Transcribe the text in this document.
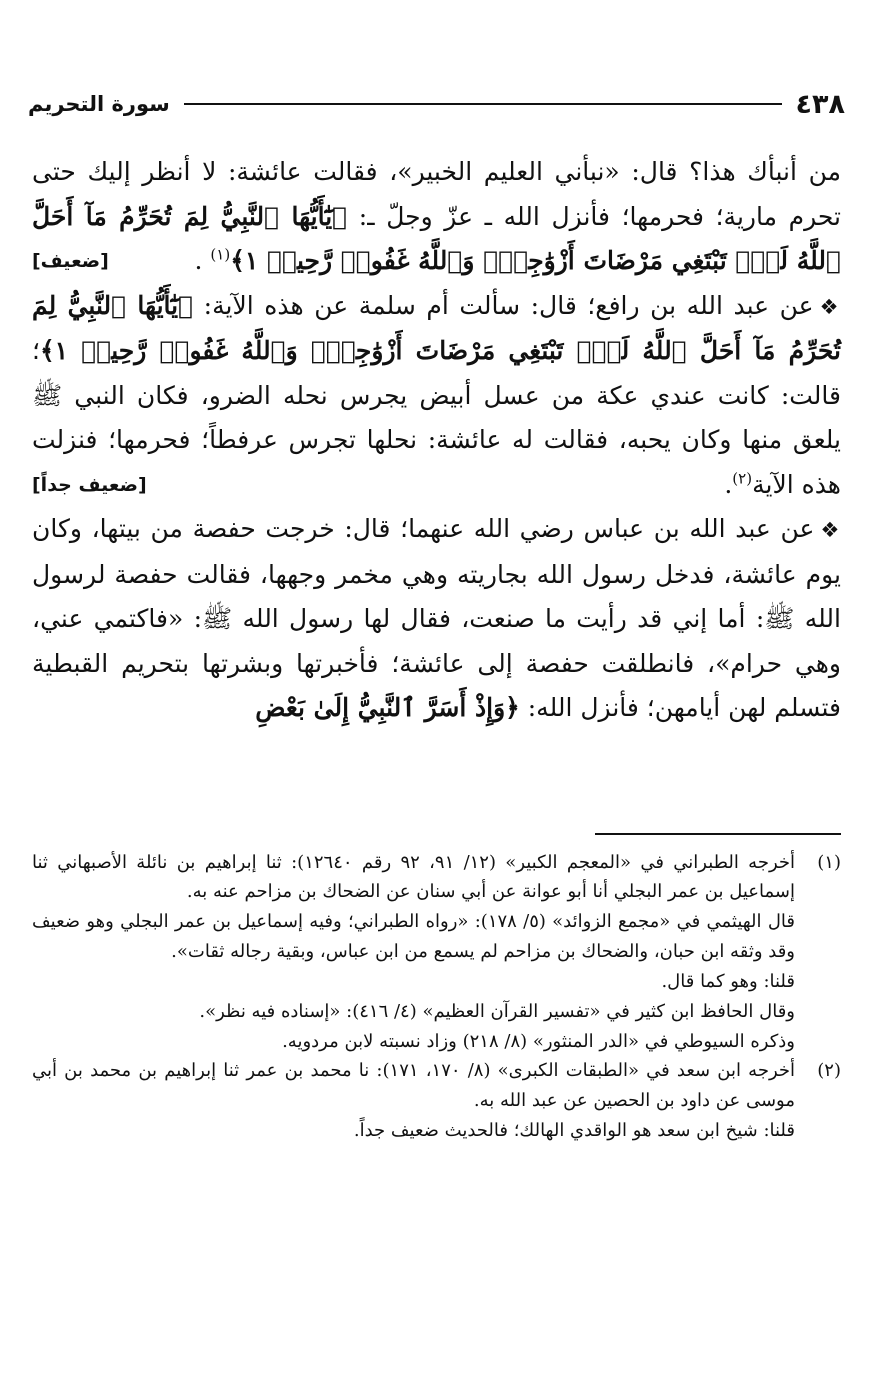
٤٣٨
سورة التحريم

من أنبأك هذا؟ قال: «نبأني العليم الخبير»، فقالت عائشة: لا أنظر إليك حتى تحرم مارية؛ فحرمها؛ فأنزل الله ـ عزّ وجلّ ـ: ﴿يَٰٓأَيُّهَا ٱلنَّبِيُّ لِمَ تُحَرِّمُ مَآ أَحَلَّ ٱللَّهُ لَكَۖ تَبْتَغِي مَرْضَاتَ أَزْوَٰجِكَۚ وَٱللَّهُ غَفُورٞ رَّحِيمٞ ١﴾$^{(١)}$ .
[ضعيف]

❖عن عبد الله بن رافع؛ قال: سألت أم سلمة عن هذه الآية: ﴿يَٰٓأَيُّهَا ٱلنَّبِيُّ لِمَ تُحَرِّمُ مَآ أَحَلَّ ٱللَّهُ لَكَۖ تَبْتَغِي مَرْضَاتَ أَزْوَٰجِكَۚ وَٱللَّهُ غَفُورٞ رَّحِيمٞ ١﴾؛ قالت: كانت عندي عكة من عسل أبيض يجرس نحله الضرو، فكان النبي ﷺ يلعق منها وكان يحبه، فقالت له عائشة: نحلها تجرس عرفطاً؛ فحرمها؛ فنزلت هذه الآية$^{(٢)}$.
[ضعيف جداً]

❖عن عبد الله بن عباس رضي الله عنهما؛ قال: خرجت حفصة من بيتها، وكان يوم عائشة، فدخل رسول الله بجاريته وهي مخمر وجهها، فقالت حفصة لرسول الله ﷺ: أما إني قد رأيت ما صنعت، فقال لها رسول الله ﷺ: «فاكتمي عني، وهي حرام»، فانطلقت حفصة إلى عائشة؛ فأخبرتها وبشرتها بتحريم القبطية فتسلم لهن أيامهن؛ فأنزل الله: ﴿وَإِذْ أَسَرَّ ٱلنَّبِيُّ إِلَىٰ بَعْضِ

(١)

أخرجه الطبراني في «المعجم الكبير» (١٢/ ٩١، ٩٢ رقم ١٢٦٤٠): ثنا إبراهيم بن نائلة الأصبهاني ثنا إسماعيل بن عمر البجلي أنا أبو عوانة عن أبي سنان عن الضحاك بن مزاحم عنه به.

قال الهيثمي في «مجمع الزوائد» (٥/ ١٧٨): «رواه الطبراني؛ وفيه إسماعيل بن عمر البجلي وهو ضعيف وقد وثقه ابن حبان، والضحاك بن مزاحم لم يسمع من ابن عباس، وبقية رجاله ثقات».

قلنا: وهو كما قال.

وقال الحافظ ابن كثير في «تفسير القرآن العظيم» (٤/ ٤١٦): «إسناده فيه نظر».

وذكره السيوطي في «الدر المنثور» (٨/ ٢١٨) وزاد نسبته لابن مردويه.

(٢)

أخرجه ابن سعد في «الطبقات الكبرى» (٨/ ١٧٠، ١٧١): نا محمد بن عمر ثنا إبراهيم بن محمد بن أبي موسى عن داود بن الحصين عن عبد الله به.

قلنا: شيخ ابن سعد هو الواقدي الهالك؛ فالحديث ضعيف جداً.
